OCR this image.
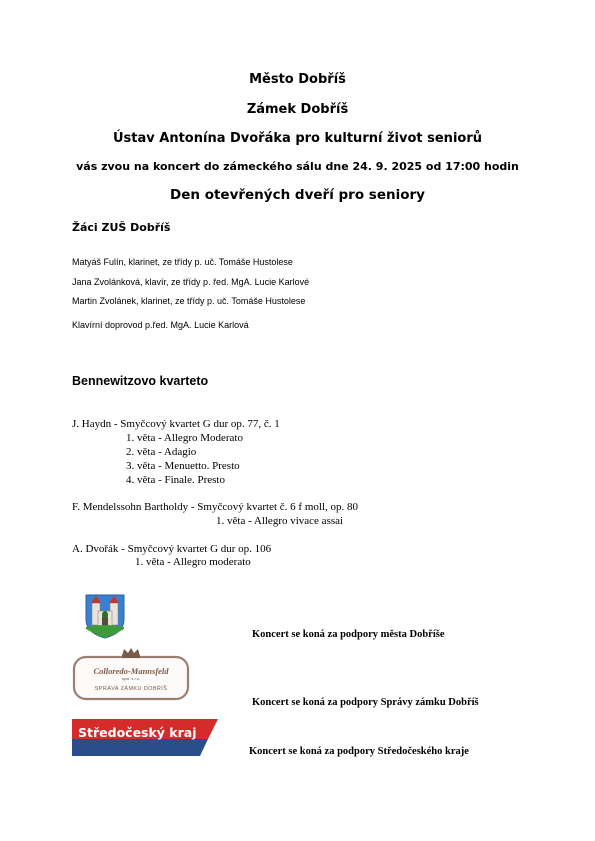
Město Dobříš
Zámek Dobříš
Ústav Antonína Dvořáka pro kulturní život seniorů
vás zvou na koncert do zámeckého sálu dne 24. 9. 2025 od 17:00 hodin
Den otevřených dveří pro seniory
Žáci ZUŠ Dobříš
Matyáš Fulín, klarinet, ze třídy p. uč. Tomáše Hustolese
Jana Zvolánková, klavír, ze třídy p. řed. MgA. Lucie Karlové
Martin Zvolánek, klarinet, ze třídy p. uč. Tomáše Hustolese
Klavírní doprovod p.řed. MgA. Lucie Karlová
Bennewitzovo kvarteto
J. Haydn - Smyčcový kvartet G dur op. 77, č. 1
1. věta - Allegro Moderato
2. věta - Adagio
3. věta - Menuetto. Presto
4. věta - Finale. Presto
F. Mendelssohn Bartholdy - Smyčcový kvartet č. 6 f moll, op. 80
1. věta - Allegro vivace assai
A. Dvořák - Smyčcový kvartet G dur op. 106
1. věta - Allegro moderato
Koncert se koná za podpory města Dobříše
Colloredo-Mannsfeld
spol. s r.o.
SPRÁVA ZÁMKU DOBŘÍŠ
Koncert se koná za podpory Správy zámku Dobříš
Středočeský kraj
Koncert se koná za podpory Středočeského kraje
